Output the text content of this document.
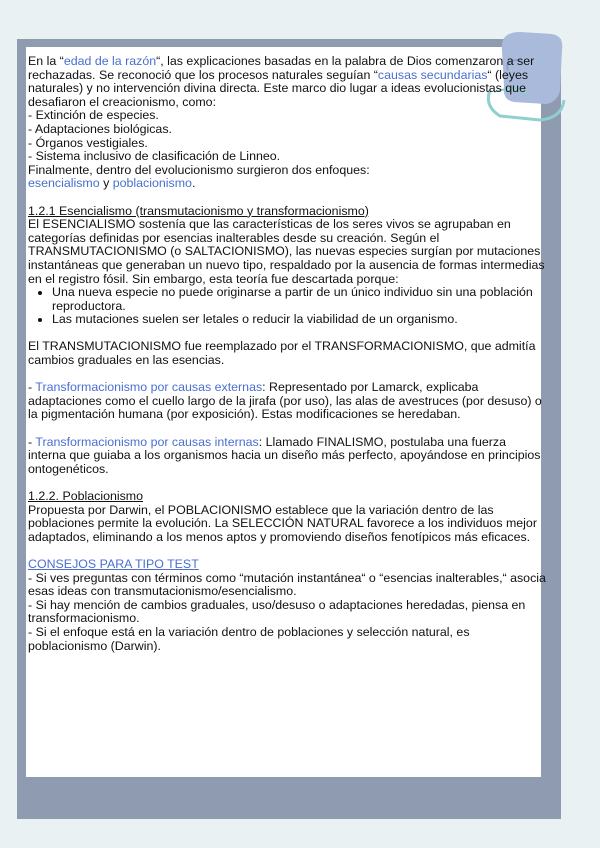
En la “edad de la razón“, las explicaciones basadas en la palabra de Dios comenzaron a ser rechazadas. Se reconoció que los procesos naturales seguían “causas secundarias“ (leyes naturales) y no intervención divina directa. Este marco dio lugar a ideas evolucionistas que desafiaron el creacionismo, como:

- Extinción de especies.

- Adaptaciones biológicas.

- Órganos vestigiales.

- Sistema inclusivo de clasificación de Linneo.

Finalmente, dentro del evolucionismo surgieron dos enfoques:

esencialismo y poblacionismo.

1.2.1 Esencialismo (transmutacionismo y transformacionismo)

El ESENCIALISMO sostenía que las características de los seres vivos se agrupaban en categorías definidas por esencias inalterables desde su creación. Según el TRANSMUTACIONISMO (o SALTACIONISMO), las nuevas especies surgían por mutaciones instantáneas que generaban un nuevo tipo, respaldado por la ausencia de formas intermedias en el registro fósil. Sin embargo, esta teoría fue descartada porque:

• Una nueva especie no puede originarse a partir de un único individuo sin una población reproductora.
• Las mutaciones suelen ser letales o reducir la viabilidad de un organismo.

El TRANSMUTACIONISMO fue reemplazado por el TRANSFORMACIONISMO, que admitía cambios graduales en las esencias.

- Transformacionismo por causas externas: Representado por Lamarck, explicaba adaptaciones como el cuello largo de la jirafa (por uso), las alas de avestruces (por desuso) o la pigmentación humana (por exposición). Estas modificaciones se heredaban.

- Transformacionismo por causas internas: Llamado FINALISMO, postulaba una fuerza interna que guiaba a los organismos hacia un diseño más perfecto, apoyándose en principios ontogenéticos.

1.2.2. Poblacionismo

Propuesta por Darwin, el POBLACIONISMO establece que la variación dentro de las poblaciones permite la evolución. La SELECCIÓN NATURAL favorece a los individuos mejor adaptados, eliminando a los menos aptos y promoviendo diseños fenotípicos más eficaces.

CONSEJOS PARA TIPO TEST

- Si ves preguntas con términos como “mutación instantánea“ o “esencias inalterables,“ asocia esas ideas con transmutacionismo/esencialismo.

- Si hay mención de cambios graduales, uso/desuso o adaptaciones heredadas, piensa en transformacionismo.

- Si el enfoque está en la variación dentro de poblaciones y selección natural, es poblacionismo (Darwin).
